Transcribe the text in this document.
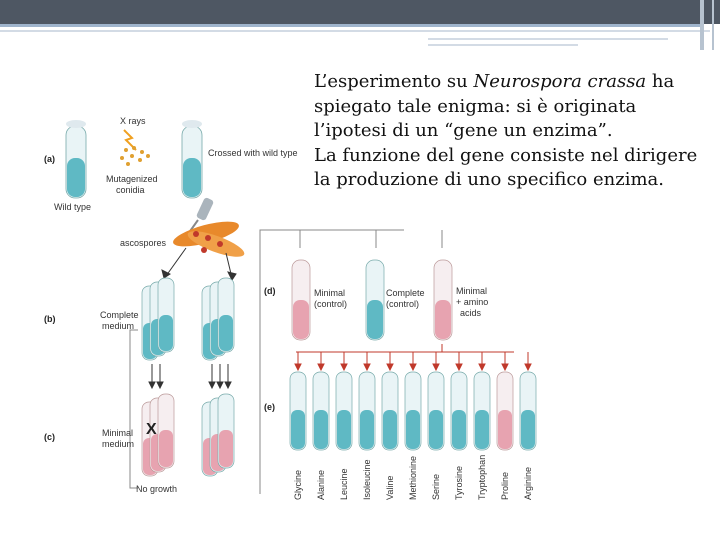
L’esperimento su Neurospora crassa ha spiegato tale enigma: si è originata l’ipotesi di un “gene un enzima”.

La funzione del gene consiste nel dirigere la produzione di uno specifico enzima.

(a)
(b)
(c)
(d)
(e)
X rays
Crossed with wild type
Wild type
Mutagenized
conidia
ascospores
Complete
medium
Minimal
medium
No growth
X
Minimal
(control)
Complete
(control)
Minimal
+ amino
acids
Glycine Alanine Leucine Isoleucine Valine Methionine Serine Tyrosine Tryptophan Proline Arginine
